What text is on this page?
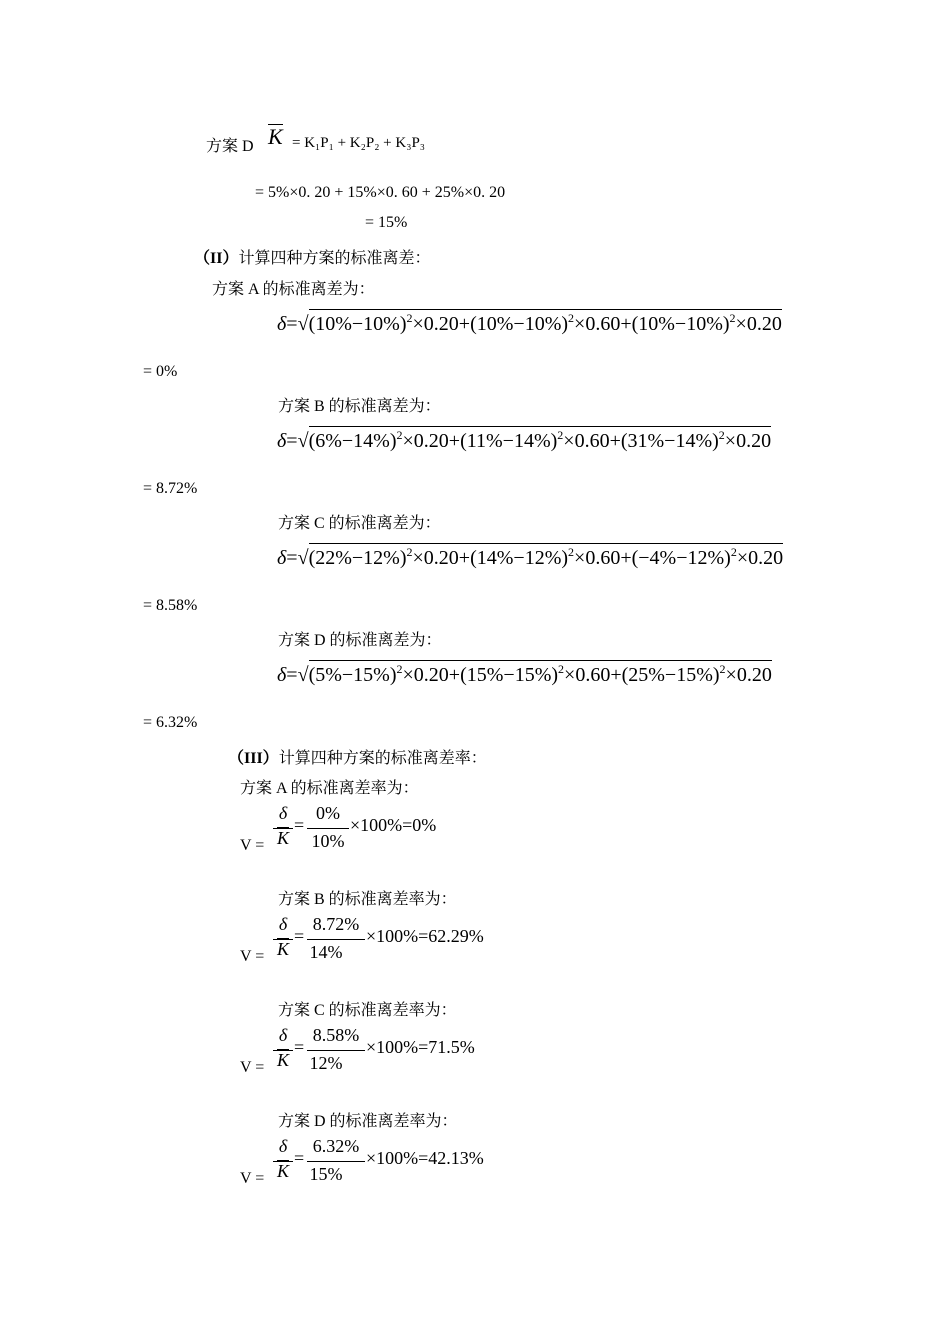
方案 D K = K₁P₁ + K₂P₂ + K₃P₃
= 5%×0. 20 + 15%×0. 60 + 25%×0. 20
= 15%
（II）计算四种方案的标准离差：
方案 A 的标准离差为：
$\delta=√(10\%-10\%)^2\times 0.20+(10\%-10\%)^2\times 0.60+(10\%-10\%)^2\times 0.20$
= 0%
方案 B 的标准离差为：
$\delta=√(6\%-14\%)^2\times 0.20+(11\%-14\%)^2\times 0.60+(31\%-14\%)^2\times 0.20$
= 8.72%
方案 C 的标准离差为：
$\delta=√(22\%-12\%)^2\times 0.20+(14\%-12\%)^2\times 0.60+(-4\%-12\%)^2\times 0.20$
= 8.58%
方案 D 的标准离差为：
$\delta=√(5\%-15\%)^2\times 0.20+(15\%-15\%)^2\times 0.60+(25\%-15\%)^2\times 0.20$
= 6.32%
（III）计算四种方案的标准离差率：
方案 A 的标准离差率为：
V =
δ
K
=
0%
10%
×100%=0%
方案 B 的标准离差率为：
V =
δ
K
=
8.72%
14%
×100%=62.29%
方案 C 的标准离差率为：
V =
δ
K
=
8.58%
12%
×100%=71.5%
方案 D 的标准离差率为：
V =
δ
K
=
6.32%
15%
×100%=42.13%
